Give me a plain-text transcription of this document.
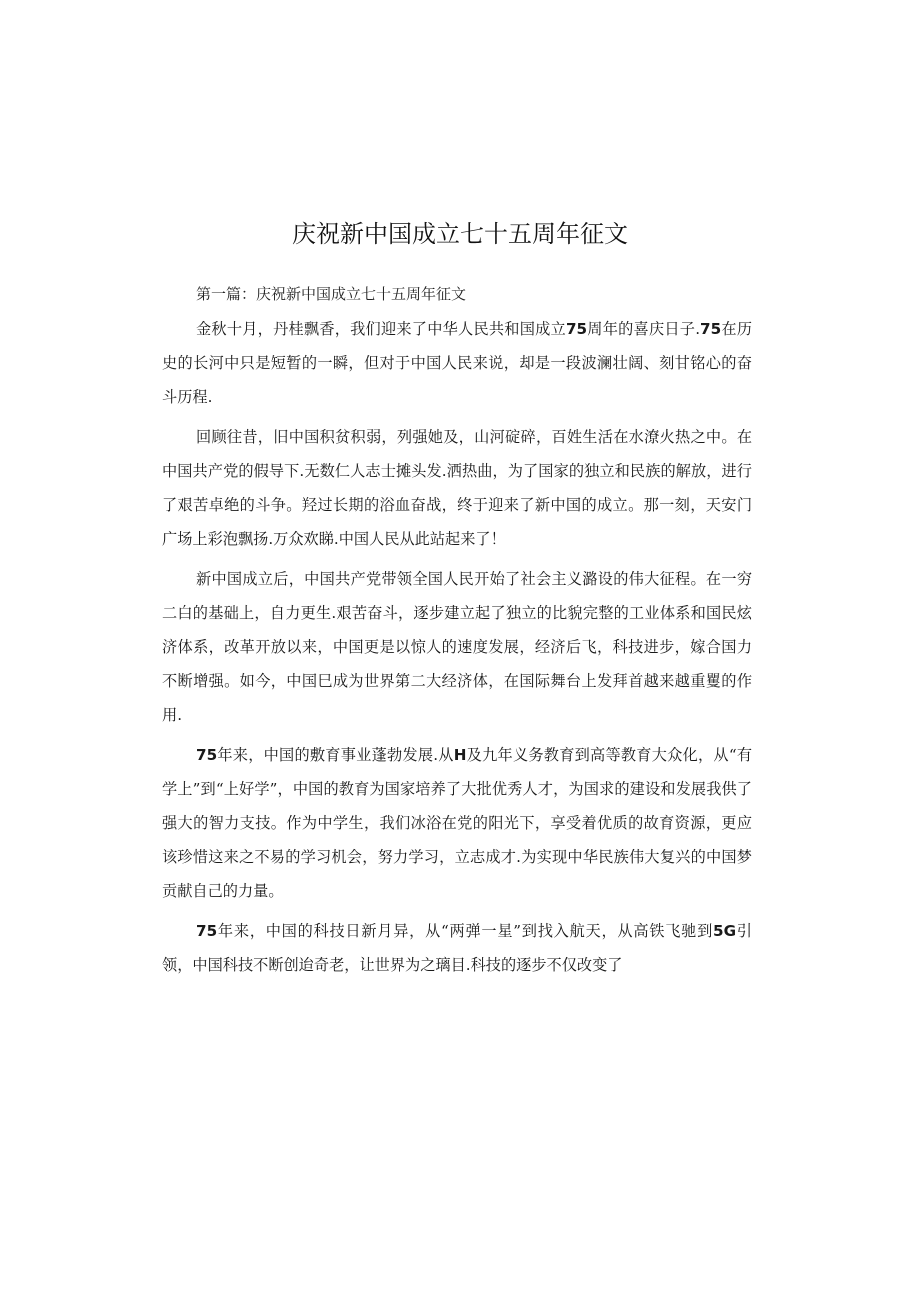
庆祝新中国成立七十五周年征文
第一篇：庆祝新中国成立七十五周年征文

金秋十月，丹桂飘香，我们迎来了中华人民共和国成立75周年的喜庆日子.75在历史的长河中只是短暂的一瞬，但对于中国人民来说，却是一段波澜壮阔、刻甘铭心的奋斗历程.

回顾往昔，旧中国积贫积弱，列强她及，山河碇碎，百姓生活在水潦火热之中。在中国共产党的假导下.无数仁人志士摊头发.洒热曲，为了国家的独立和民族的解放，进行了艰苦卓绝的斗争。羟过长期的浴血奋战，终于迎来了新中国的成立。那一刻，天安门广场上彩泡飘扬.万众欢睇.中国人民从此站起来了！

新中国成立后，中国共产党带领全国人民开始了社会主义潞设的伟大征程。在一穷二白的基础上，自力更生.艰苦奋斗，逐步建立起了独立的比貌完整的工业体系和国民炫济体系，改革开放以来，中国更是以惊人的速度发展，经济后飞，科技进步，嫁合国力不断增强。如今，中国巳成为世界第二大经济体，在国际舞台上发拜首越来越重矍的作用.

75年来，中国的敷育事业蓬勃发展.从H及九年义务教育到高等教育大众化，从“有学上”到“上好学”，中国的教育为国家培养了大批优秀人才，为国求的建设和发展我供了强大的智力支技。作为中学生，我们冰浴在党的阳光下，享受着优质的故育资源，更应该珍惜这来之不易的学习机会，努力学习，立志成才.为实现中华民族伟大复兴的中国梦贡献自己的力量。

75年来，中国的科技日新月异，从“两弹一星”到找入航天，从高铁飞驰到5G引领，中国科技不断创迨奇老，让世界为之璃目.科技的逐步不仅改变了
